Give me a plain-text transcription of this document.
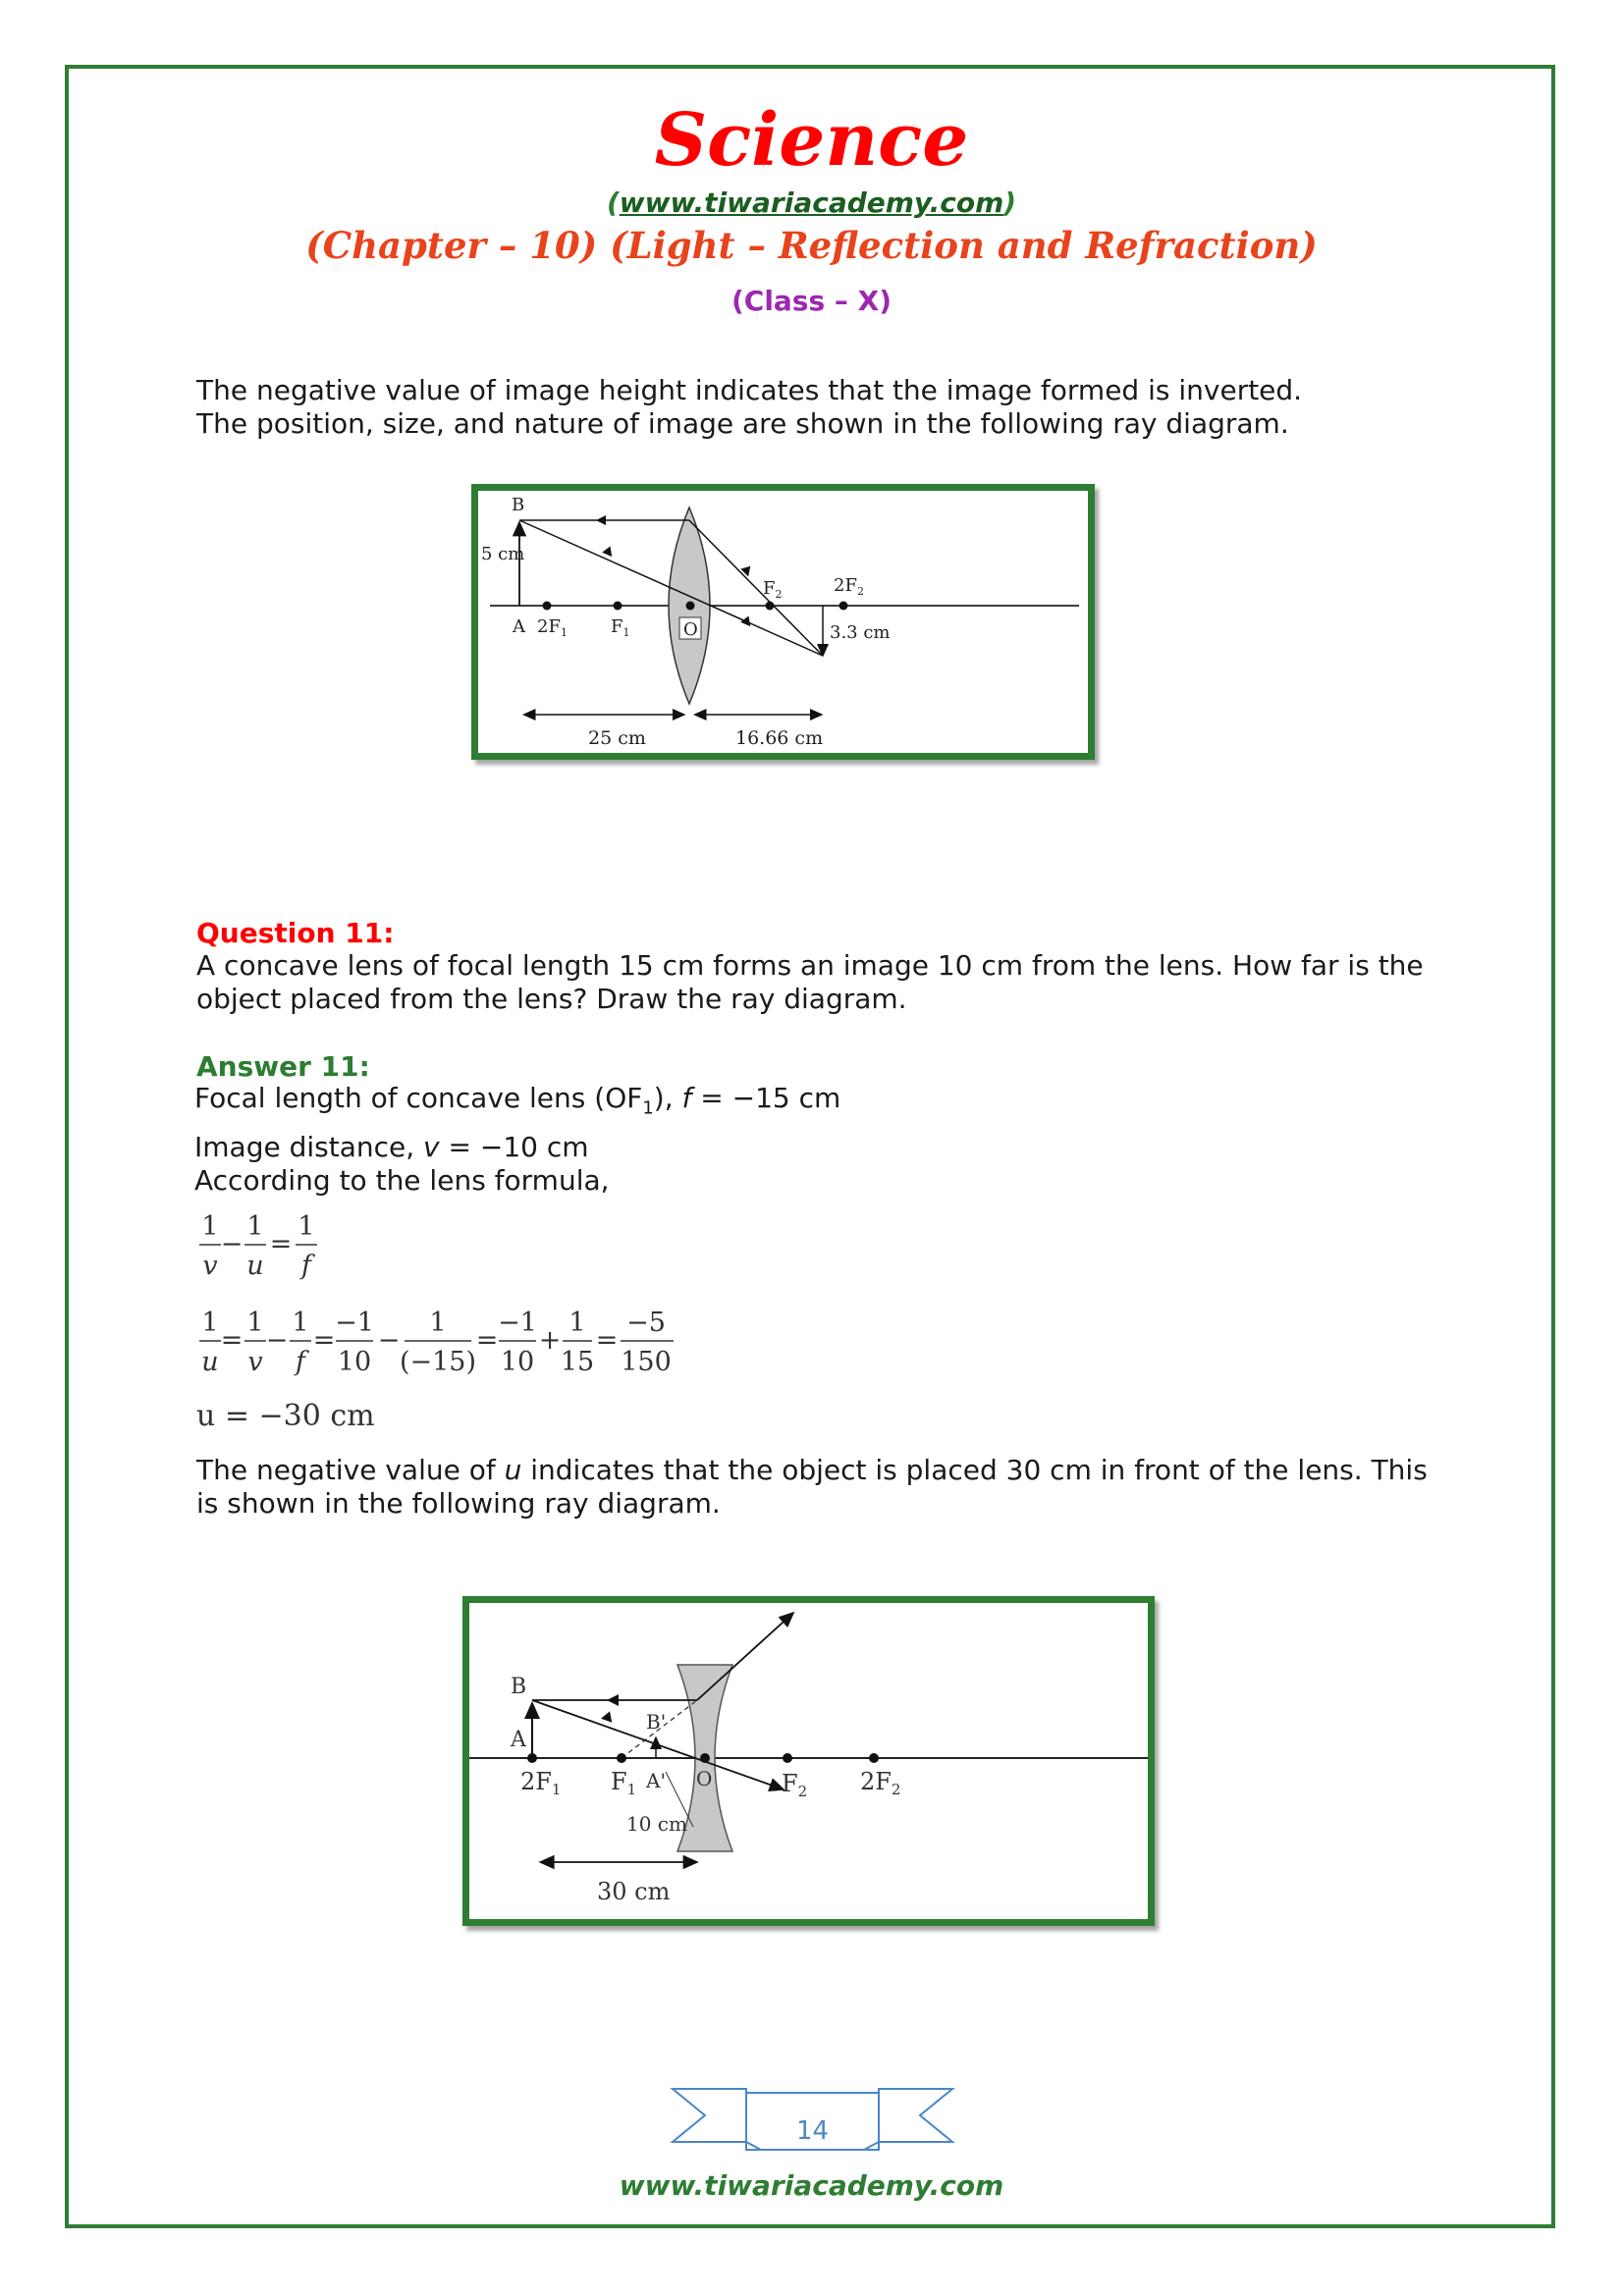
Science
(www.tiwariacademy.com)
(Chapter – 10) (Light – Reflection and Refraction)
(Class – X)
The negative value of image height indicates that the image formed is inverted.
The position, size, and nature of image are shown in the following ray diagram.
B
5 cm
A $2F_1$ $F_1$	O
$F_2$	$2F_2$
3.3 cm
25 cm	16.66 cm
Question 11:
A concave lens of focal length 15 cm forms an image 10 cm from the lens. How far is the
object placed from the lens? Draw the ray diagram.
Answer 11:
Focal length of concave lens $(OF_1)$, f = −15 cm
Image distance, v = −10 cm
According to the lens formula,
1
v
−
1
u
=
1
f
1
u
=
1
v
−
1
f
=
−1
10
−
1
(−15)
=
−1
10
+
1
15
=
−5
150
u = −30 cm
The negative value of u indicates that the object is placed 30 cm in front of the lens. This
is shown in the following ray diagram.
B
A
B'
A'
$2F_1$ $F_1$	O	$F_2$ $2F_2$
10 cm
30 cm
14
www.tiwariacademy.com
